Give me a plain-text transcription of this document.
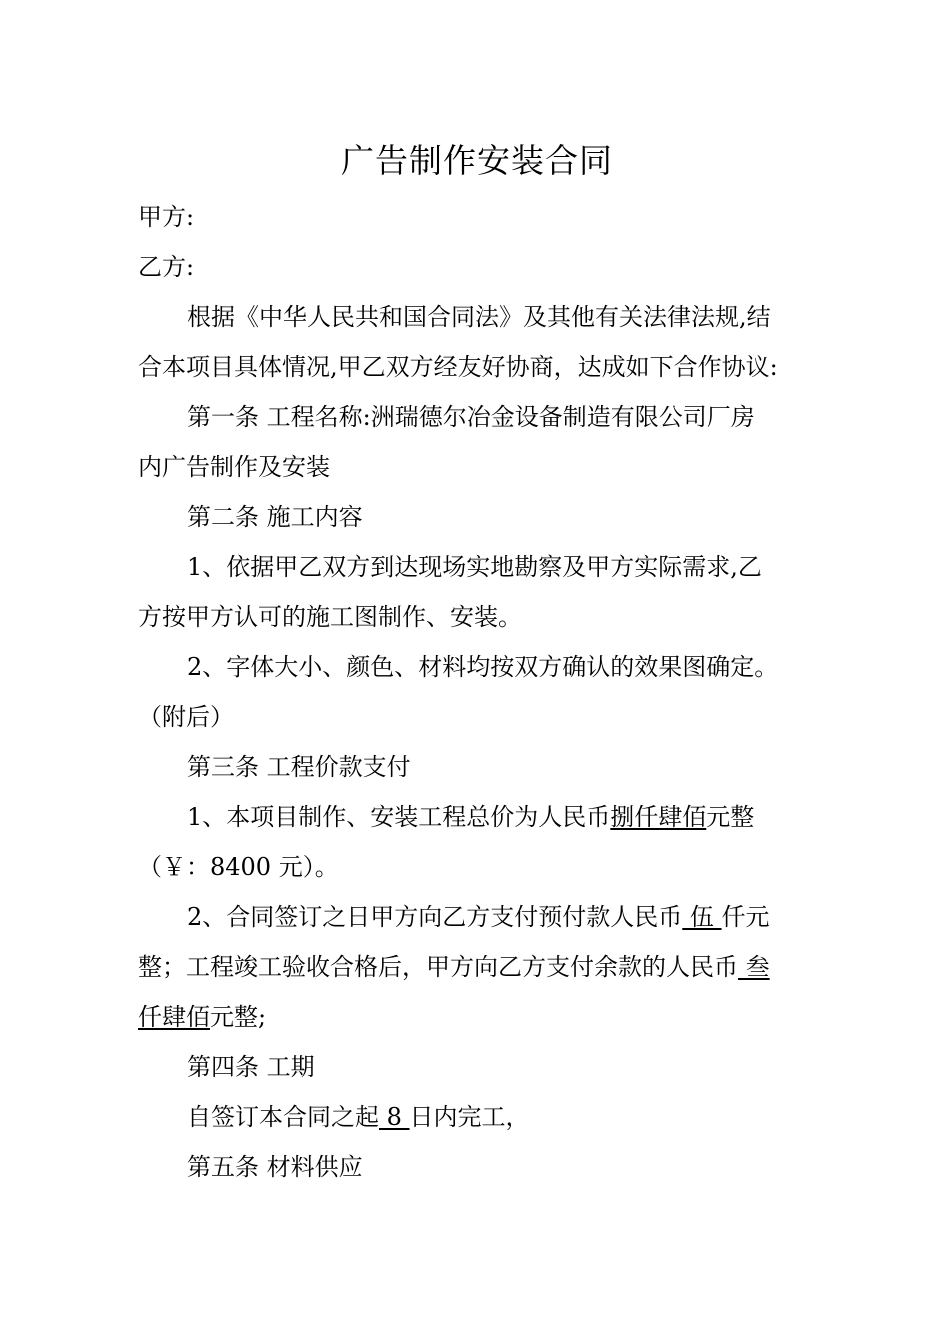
广告制作安装合同

甲方:

乙方:

根据《中华人民共和国合同法》及其他有关法律法规,结

合本项目具体情况,甲乙双方经友好协商，达成如下合作协议:

第一条 工程名称:洲瑞德尔冶金设备制造有限公司厂房

内广告制作及安装

第二条 施工内容

1、依据甲乙双方到达现场实地勘察及甲方实际需求,乙

方按甲方认可的施工图制作、安装。

2、字体大小、颜色、材料均按双方确认的效果图确定。

（附后）

第三条 工程价款支付

1、本项目制作、安装工程总价为人民币捌仟肆佰元整

（￥：8400 元）。

2、合同签订之日甲方向乙方支付预付款人民币 伍 仟元

整；工程竣工验收合格后，甲方向乙方支付余款的人民币 叁

仟肆佰元整;

第四条 工期

自签订本合同之起 8 日内完工，

第五条 材料供应
